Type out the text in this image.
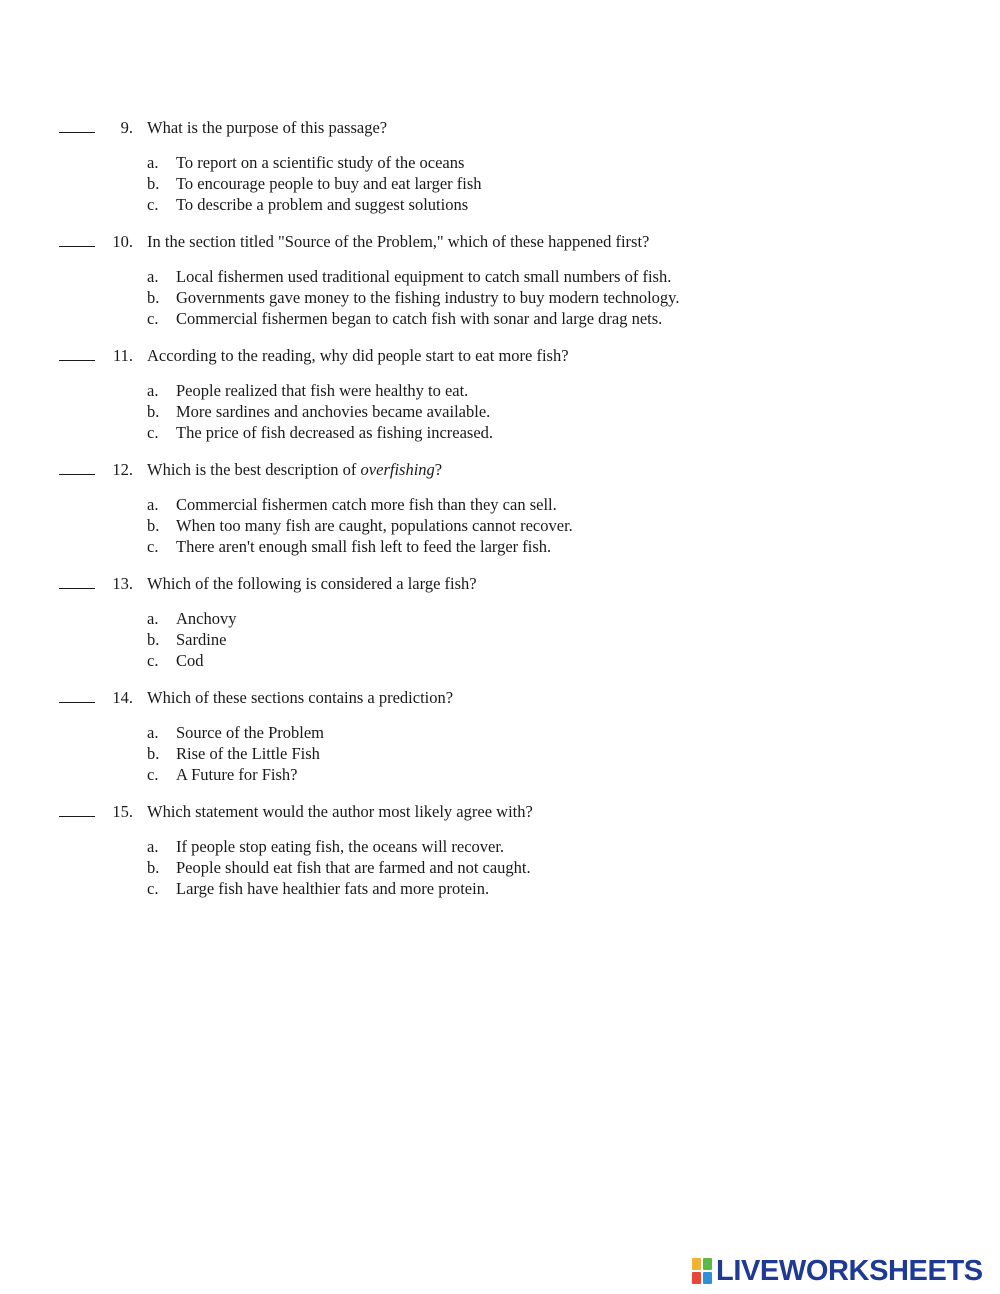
9. What is the purpose of this passage?
a. To report on a scientific study of the oceans
b. To encourage people to buy and eat larger fish
c. To describe a problem and suggest solutions
10. In the section titled "Source of the Problem," which of these happened first?
a. Local fishermen used traditional equipment to catch small numbers of fish.
b. Governments gave money to the fishing industry to buy modern technology.
c. Commercial fishermen began to catch fish with sonar and large drag nets.
11. According to the reading, why did people start to eat more fish?
a. People realized that fish were healthy to eat.
b. More sardines and anchovies became available.
c. The price of fish decreased as fishing increased.
12. Which is the best description of overfishing?
a. Commercial fishermen catch more fish than they can sell.
b. When too many fish are caught, populations cannot recover.
c. There aren't enough small fish left to feed the larger fish.
13. Which of the following is considered a large fish?
a. Anchovy
b. Sardine
c. Cod
14. Which of these sections contains a prediction?
a. Source of the Problem
b. Rise of the Little Fish
c. A Future for Fish?
15. Which statement would the author most likely agree with?
a. If people stop eating fish, the oceans will recover.
b. People should eat fish that are farmed and not caught.
c. Large fish have healthier fats and more protein.
LIVEWORKSHEETS
